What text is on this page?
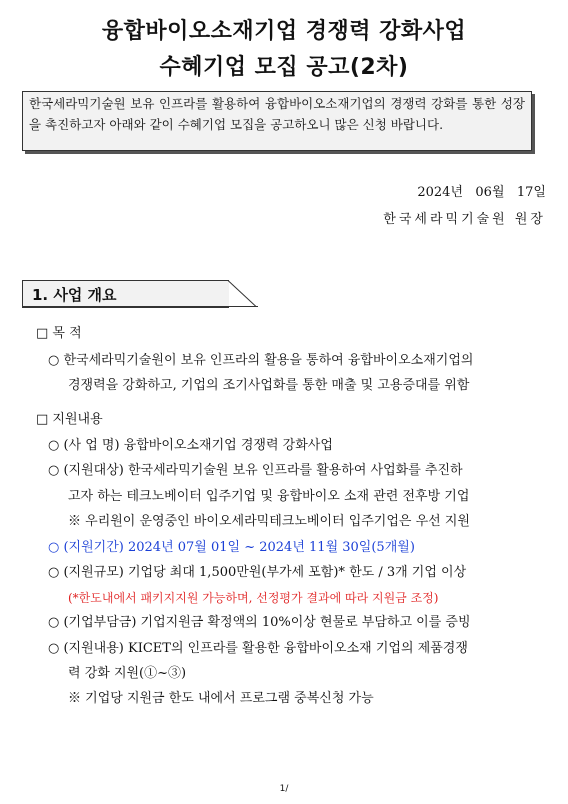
융합바이오소재기업 경쟁력 강화사업
수혜기업 모집 공고(2차)
한국세라믹기술원 보유 인프라를 활용하여 융합바이오소재기업의 경쟁력 강화를 통한 성장을 촉진하고자 아래와 같이 수혜기업 모집을 공고하오니 많은 신청 바랍니다.
2024년   06월   17일
한국세라믹기술원 원장
1. 사업 개요
□ 목 적
○ 한국세라믹기술원이 보유 인프라의 활용을 통하여 융합바이오소재기업의
경쟁력을 강화하고, 기업의 조기사업화를 통한 매출 및 고용증대를 위함
□ 지원내용
○ (사 업 명) 융합바이오소재기업 경쟁력 강화사업
○ (지원대상) 한국세라믹기술원 보유 인프라를 활용하여 사업화를 추진하
고자 하는 테크노베이터 입주기업 및 융합바이오 소재 관련 전후방 기업
※ 우리원이 운영중인 바이오세라믹테크노베이터 입주기업은 우선 지원
○ (지원기간) 2024년 07월 01일 ~ 2024년 11월 30일(5개월)
○ (지원규모) 기업당 최대 1,500만원(부가세 포함)* 한도 / 3개 기업 이상
(*한도내에서 패키지지원 가능하며, 선정평가 결과에 따라 지원금 조정)
○ (기업부담금) 기업지원금 확정액의 10%이상 현물로 부담하고 이를 증빙
○ (지원내용) KICET의 인프라를 활용한 융합바이오소재 기업의 제품경쟁
력 강화 지원(①~③)
※ 기업당 지원금 한도 내에서 프로그램 중복신청 가능
1/
